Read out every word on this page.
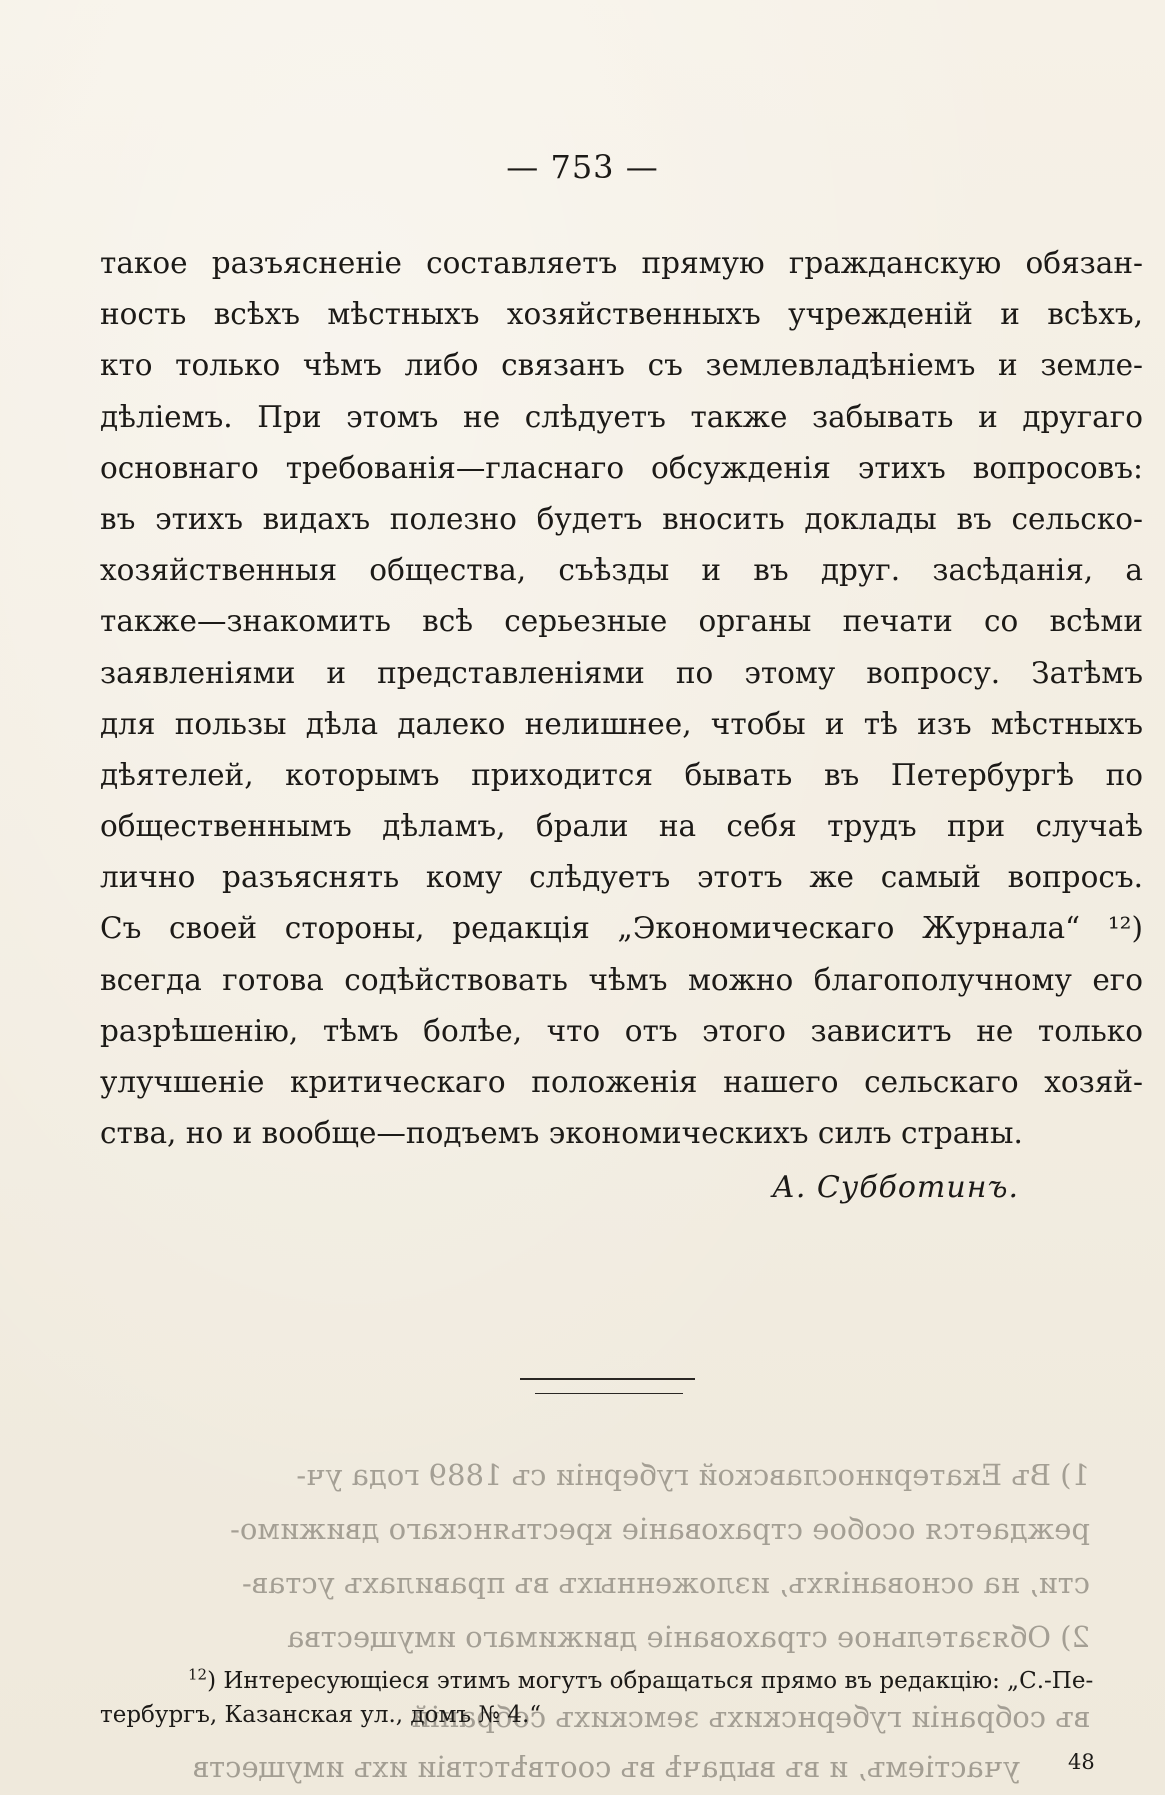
1) Въ Екатеринославской губерніи съ 1889 года уч-
реждается особое страхованіе крестьянскаго движимо-
сти, на основаніяхъ, изложенныхъ въ правилахъ устав-
2) Обязательное страхованіе движимаго имущества
въ собраніи губернскихъ земскихъ собраній
участіемъ, и въ выдачѣ въ соотвѣтствіи ихъ имуществ
— 753 —
такое разъясненіе составляетъ прямую гражданскую обязан-
ность всѣхъ мѣстныхъ хозяйственныхъ учрежденій и всѣхъ,
кто только чѣмъ либо связанъ съ землевладѣніемъ и земле-
дѣліемъ. При этомъ не слѣдуетъ также забывать и другаго
основнаго требованія—гласнаго обсужденія этихъ вопросовъ:
въ этихъ видахъ полезно будетъ вносить доклады въ сельско-
хозяйственныя общества, съѣзды и въ друг. засѣданія, а
также—знакомить всѣ серьезные органы печати со всѣми
заявленіями и представленіями по этому вопросу. Затѣмъ
для пользы дѣла далеко нелишнее, чтобы и тѣ изъ мѣстныхъ
дѣятелей, которымъ приходится бывать въ Петербургѣ по
общественнымъ дѣламъ, брали на себя трудъ при случаѣ
лично разъяснять кому слѣдуетъ этотъ же самый вопросъ.
Съ своей стороны, редакція „Экономическаго Журнала“ ¹²)
всегда готова содѣйствовать чѣмъ можно благополучному его
разрѣшенію, тѣмъ болѣе, что отъ этого зависитъ не только
улучшеніе критическаго положенія нашего сельскаго хозяй-
ства, но и вообще—подъемъ экономическихъ силъ страны.
А. Субботинъ.
$^{12}$) Интересующіеся этимъ могутъ обращаться прямо въ редакцію: „С.-Пе-
тербургъ, Казанская ул., домъ № 4.“
48
